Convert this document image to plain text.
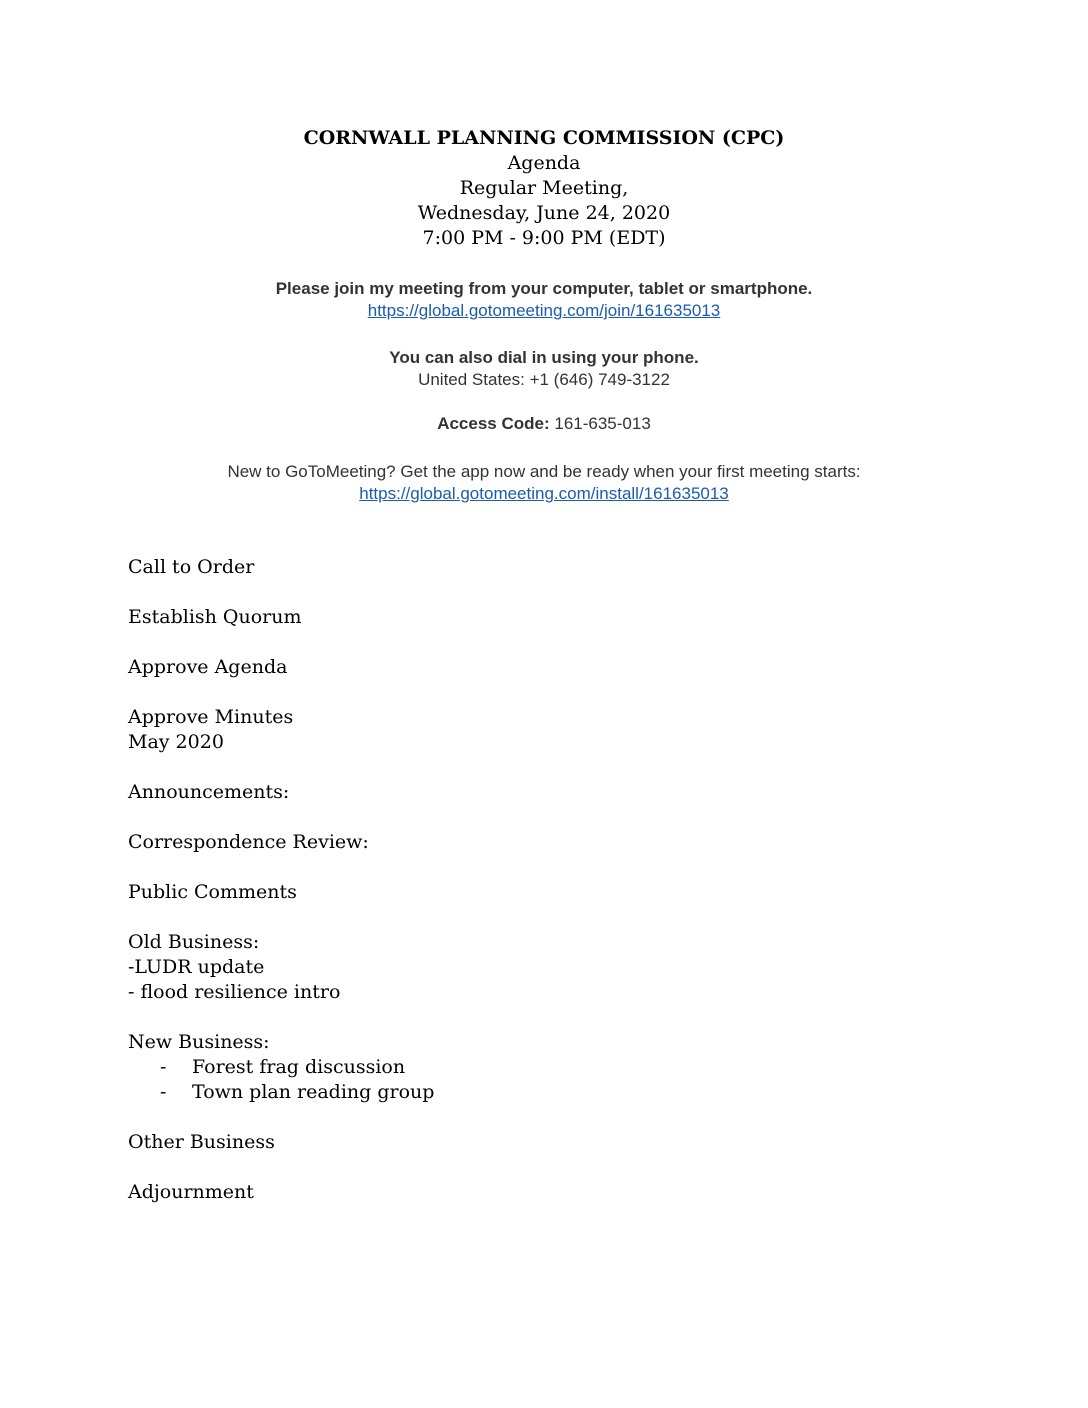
CORNWALL PLANNING COMMISSION (CPC)
Agenda
Regular Meeting,
Wednesday, June 24, 2020
7:00 PM - 9:00 PM (EDT)
Please join my meeting from your computer, tablet or smartphone.
https://global.gotomeeting.com/join/161635013
You can also dial in using your phone.
United States: +1 (646) 749-3122
Access Code: 161-635-013
New to GoToMeeting? Get the app now and be ready when your first meeting starts:
https://global.gotomeeting.com/install/161635013
Call to Order
Establish Quorum
Approve Agenda
Approve Minutes
May 2020
Announcements:
Correspondence Review:
Public Comments
Old Business:
-LUDR update
- flood resilience intro
New Business:
- Forest frag discussion
- Town plan reading group
Other Business
Adjournment
